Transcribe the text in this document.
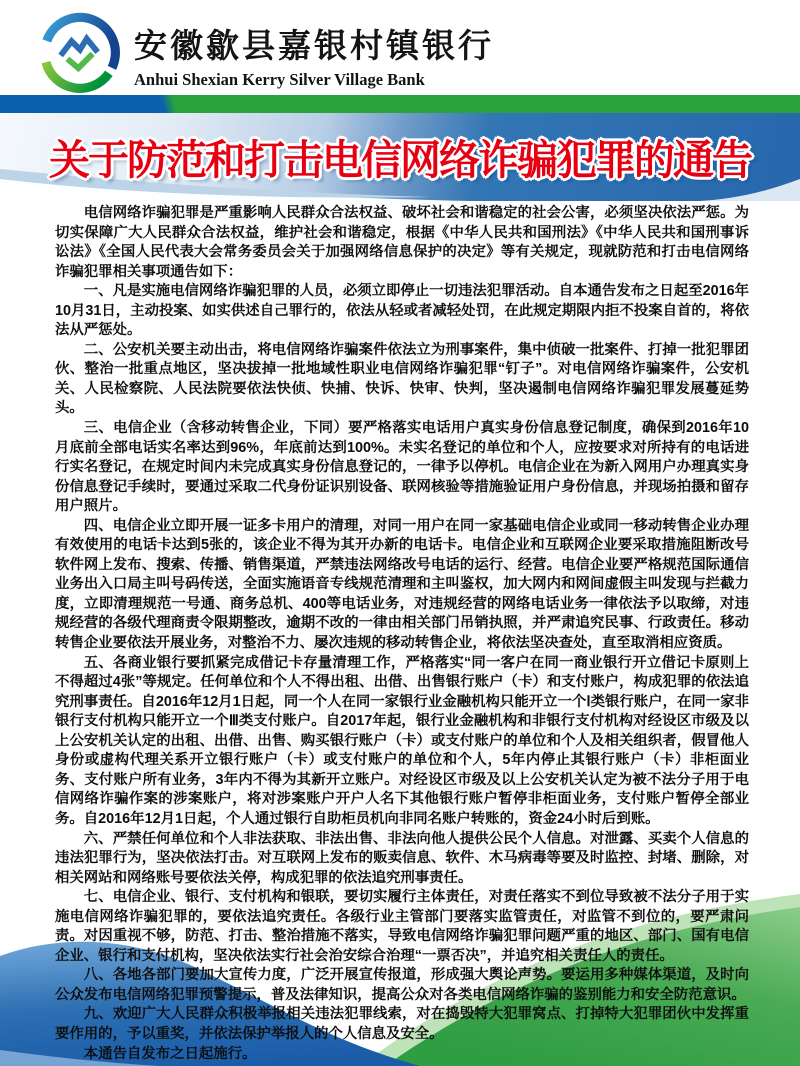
安徽歙县嘉银村镇银行
Anhui Shexian Kerry Silver Village Bank
关于防范和打击电信网络诈骗犯罪的通告

电信网络诈骗犯罪是严重影响人民群众合法权益、破坏社会和谐稳定的社会公害，必须坚决依法严惩。为切实保障广大人民群众合法权益，维护社会和谐稳定，根据《中华人民共和国刑法》《中华人民共和国刑事诉讼法》《全国人民代表大会常务委员会关于加强网络信息保护的决定》等有关规定，现就防范和打击电信网络诈骗犯罪相关事项通告如下：

一、凡是实施电信网络诈骗犯罪的人员，必须立即停止一切违法犯罪活动。自本通告发布之日起至2016年10月31日，主动投案、如实供述自己罪行的，依法从轻或者减轻处罚，在此规定期限内拒不投案自首的，将依法从严惩处。

二、公安机关要主动出击，将电信网络诈骗案件依法立为刑事案件，集中侦破一批案件、打掉一批犯罪团伙、整治一批重点地区，坚决拔掉一批地域性职业电信网络诈骗犯罪“钉子”。对电信网络诈骗案件，公安机关、人民检察院、人民法院要依法快侦、快捕、快诉、快审、快判，坚决遏制电信网络诈骗犯罪发展蔓延势头。

三、电信企业（含移动转售企业，下同）要严格落实电话用户真实身份信息登记制度，确保到2016年10月底前全部电话实名率达到96%，年底前达到100%。未实名登记的单位和个人，应按要求对所持有的电话进行实名登记，在规定时间内未完成真实身份信息登记的，一律予以停机。电信企业在为新入网用户办理真实身份信息登记手续时，要通过采取二代身份证识别设备、联网核验等措施验证用户身份信息，并现场拍摄和留存用户照片。

四、电信企业立即开展一证多卡用户的清理，对同一用户在同一家基础电信企业或同一移动转售企业办理有效使用的电话卡达到5张的，该企业不得为其开办新的电话卡。电信企业和互联网企业要采取措施阻断改号软件网上发布、搜索、传播、销售渠道，严禁违法网络改号电话的运行、经营。电信企业要严格规范国际通信业务出入口局主叫号码传送，全面实施语音专线规范清理和主叫鉴权，加大网内和网间虚假主叫发现与拦截力度，立即清理规范一号通、商务总机、400等电话业务，对违规经营的网络电话业务一律依法予以取缔，对违规经营的各级代理商责令限期整改，逾期不改的一律由相关部门吊销执照，并严肃追究民事、行政责任。移动转售企业要依法开展业务，对整治不力、屡次违规的移动转售企业，将依法坚决查处，直至取消相应资质。

五、各商业银行要抓紧完成借记卡存量清理工作，严格落实“同一客户在同一商业银行开立借记卡原则上不得超过4张”等规定。任何单位和个人不得出租、出借、出售银行账户（卡）和支付账户，构成犯罪的依法追究刑事责任。自2016年12月1日起，同一个人在同一家银行业金融机构只能开立一个Ⅰ类银行账户，在同一家非银行支付机构只能开立一个Ⅲ类支付账户。自2017年起，银行业金融机构和非银行支付机构对经设区市级及以上公安机关认定的出租、出借、出售、购买银行账户（卡）或支付账户的单位和个人及相关组织者，假冒他人身份或虚构代理关系开立银行账户（卡）或支付账户的单位和个人，5年内停止其银行账户（卡）非柜面业务、支付账户所有业务，3年内不得为其新开立账户。对经设区市级及以上公安机关认定为被不法分子用于电信网络诈骗作案的涉案账户，将对涉案账户开户人名下其他银行账户暂停非柜面业务，支付账户暂停全部业务。自2016年12月1日起，个人通过银行自助柜员机向非同名账户转账的，资金24小时后到账。

六、严禁任何单位和个人非法获取、非法出售、非法向他人提供公民个人信息。对泄露、买卖个人信息的违法犯罪行为，坚决依法打击。对互联网上发布的贩卖信息、软件、木马病毒等要及时监控、封堵、删除，对相关网站和网络账号要依法关停，构成犯罪的依法追究刑事责任。

七、电信企业、银行、支付机构和银联，要切实履行主体责任，对责任落实不到位导致被不法分子用于实施电信网络诈骗犯罪的，要依法追究责任。各级行业主管部门要落实监管责任，对监管不到位的，要严肃问责。对因重视不够，防范、打击、整治措施不落实，导致电信网络诈骗犯罪问题严重的地区、部门、国有电信企业、银行和支付机构，坚决依法实行社会治安综合治理“一票否决”，并追究相关责任人的责任。

八、各地各部门要加大宣传力度，广泛开展宣传报道，形成强大舆论声势。要运用多种媒体渠道，及时向公众发布电信网络犯罪预警提示，普及法律知识，提高公众对各类电信网络诈骗的鉴别能力和安全防范意识。

九、欢迎广大人民群众积极举报相关违法犯罪线索，对在捣毁特大犯罪窝点、打掉特大犯罪团伙中发挥重要作用的，予以重奖，并依法保护举报人的个人信息及安全。

本通告自发布之日起施行。
